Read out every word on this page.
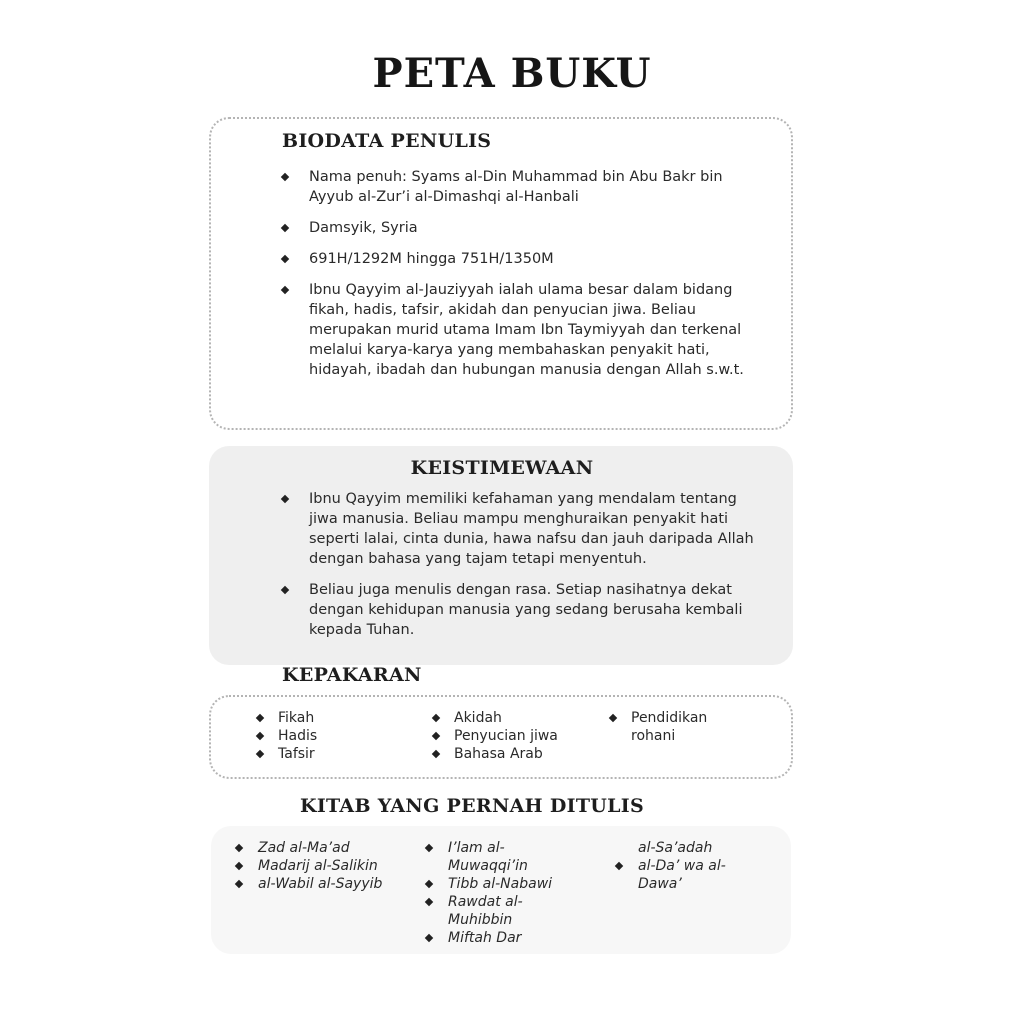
PETA BUKU
BIODATA PENULIS
Nama penuh: Syams al-Din Muhammad bin Abu Bakr bin Ayyub al-Zur’i al-Dimashqi al-Hanbali
Damsyik, Syria
691H/1292M hingga 751H/1350M
Ibnu Qayyim al-Jauziyyah ialah ulama besar dalam bidang fikah, hadis, tafsir, akidah dan penyucian jiwa. Beliau merupakan murid utama Imam Ibn Taymiyyah dan terkenal melalui karya-karya yang membahaskan penyakit hati, hidayah, ibadah dan hubungan manusia dengan Allah s.w.t.
KEISTIMEWAAN
Ibnu Qayyim memiliki kefahaman yang mendalam tentang jiwa manusia. Beliau mampu menghuraikan penyakit hati seperti lalai, cinta dunia, hawa nafsu dan jauh daripada Allah dengan bahasa yang tajam tetapi menyentuh.
Beliau juga menulis dengan rasa. Setiap nasihatnya dekat dengan kehidupan manusia yang sedang berusaha kembali kepada Tuhan.
KEPAKARAN
Fikah
Hadis
Tafsir
Akidah
Penyucian jiwa
Bahasa Arab
Pendidikan rohani
KITAB YANG PERNAH DITULIS
Zad al-Ma’ad
Madarij al-Salikin
al-Wabil al-Sayyib
I’lam al-Muwaqqi’in
Tibb al-Nabawi
Rawdat al-Muhibbin
Miftah Dar
al-Sa’adah
al-Da’ wa al-Dawa’
